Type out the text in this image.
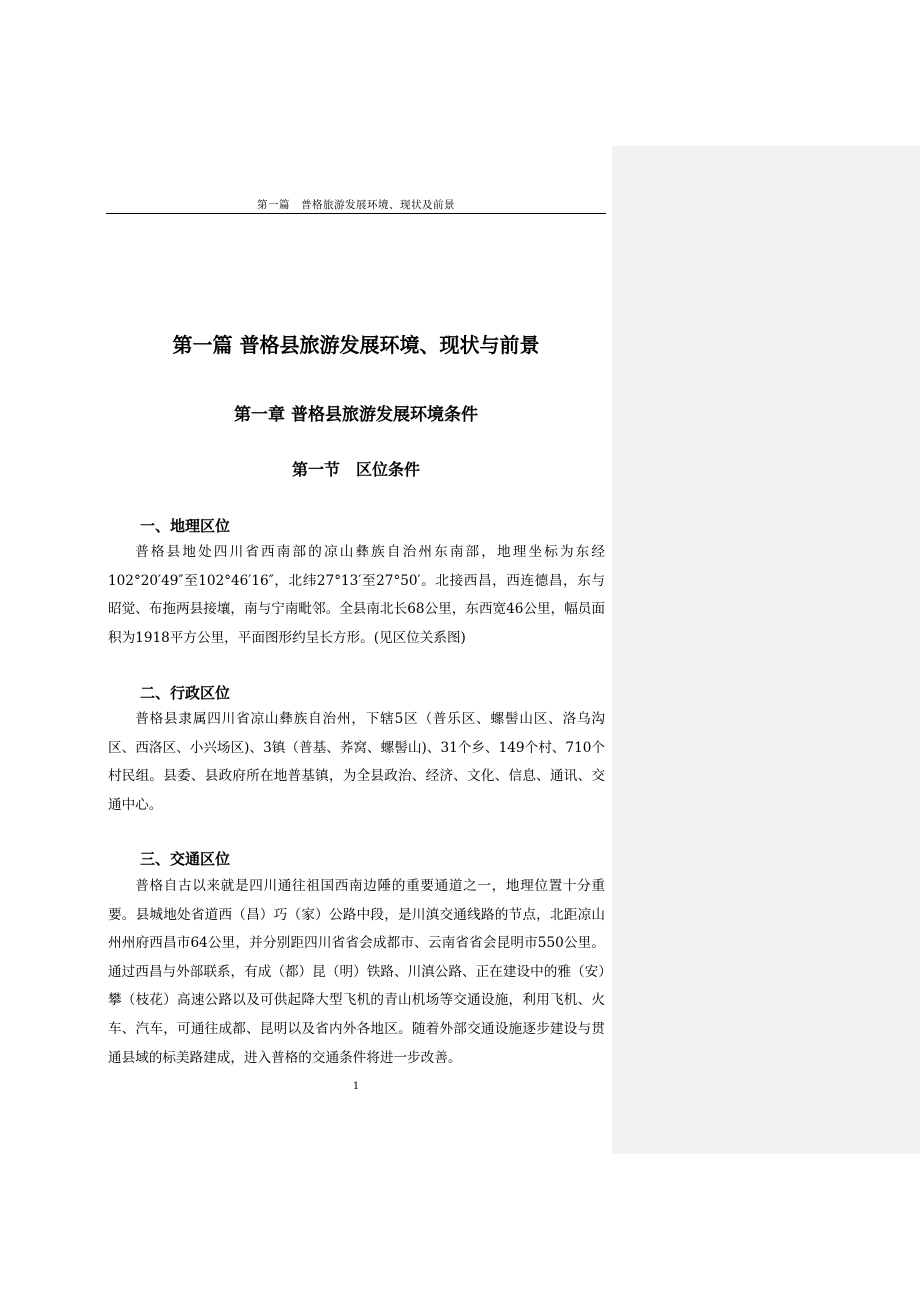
第一篇　普格旅游发展环境、现状及前景
第一篇 普格县旅游发展环境、现状与前景
第一章 普格县旅游发展环境条件
第一节　区位条件
一、地理区位

普格县地处四川省西南部的凉山彝族自治州东南部，地理坐标为东经102°20′49″至102°46′16″，北纬27°13′至27°50′。北接西昌，西连德昌，东与昭觉、布拖两县接壤，南与宁南毗邻。全县南北长68公里，东西宽46公里，幅员面积为1918平方公里，平面图形约呈长方形。(见区位关系图)

二、行政区位

普格县隶属四川省凉山彝族自治州，下辖5区（普乐区、螺髻山区、洛乌沟区、西洛区、小兴场区)、3镇（普基、荞窝、螺髻山)、31个乡、149个村、710个村民组。县委、县政府所在地普基镇，为全县政治、经济、文化、信息、通讯、交通中心。

三、交通区位

普格自古以来就是四川通往祖国西南边陲的重要通道之一，地理位置十分重要。县城地处省道西（昌）巧（家）公路中段，是川滇交通线路的节点，北距凉山州州府西昌市64公里，并分别距四川省省会成都市、云南省省会昆明市550公里。通过西昌与外部联系，有成（都）昆（明）铁路、川滇公路、正在建设中的雅（安）攀（枝花）高速公路以及可供起降大型飞机的青山机场等交通设施，利用飞机、火车、汽车，可通往成都、昆明以及省内外各地区。随着外部交通设施逐步建设与贯通县域的标美路建成，进入普格的交通条件将进一步改善。

1
